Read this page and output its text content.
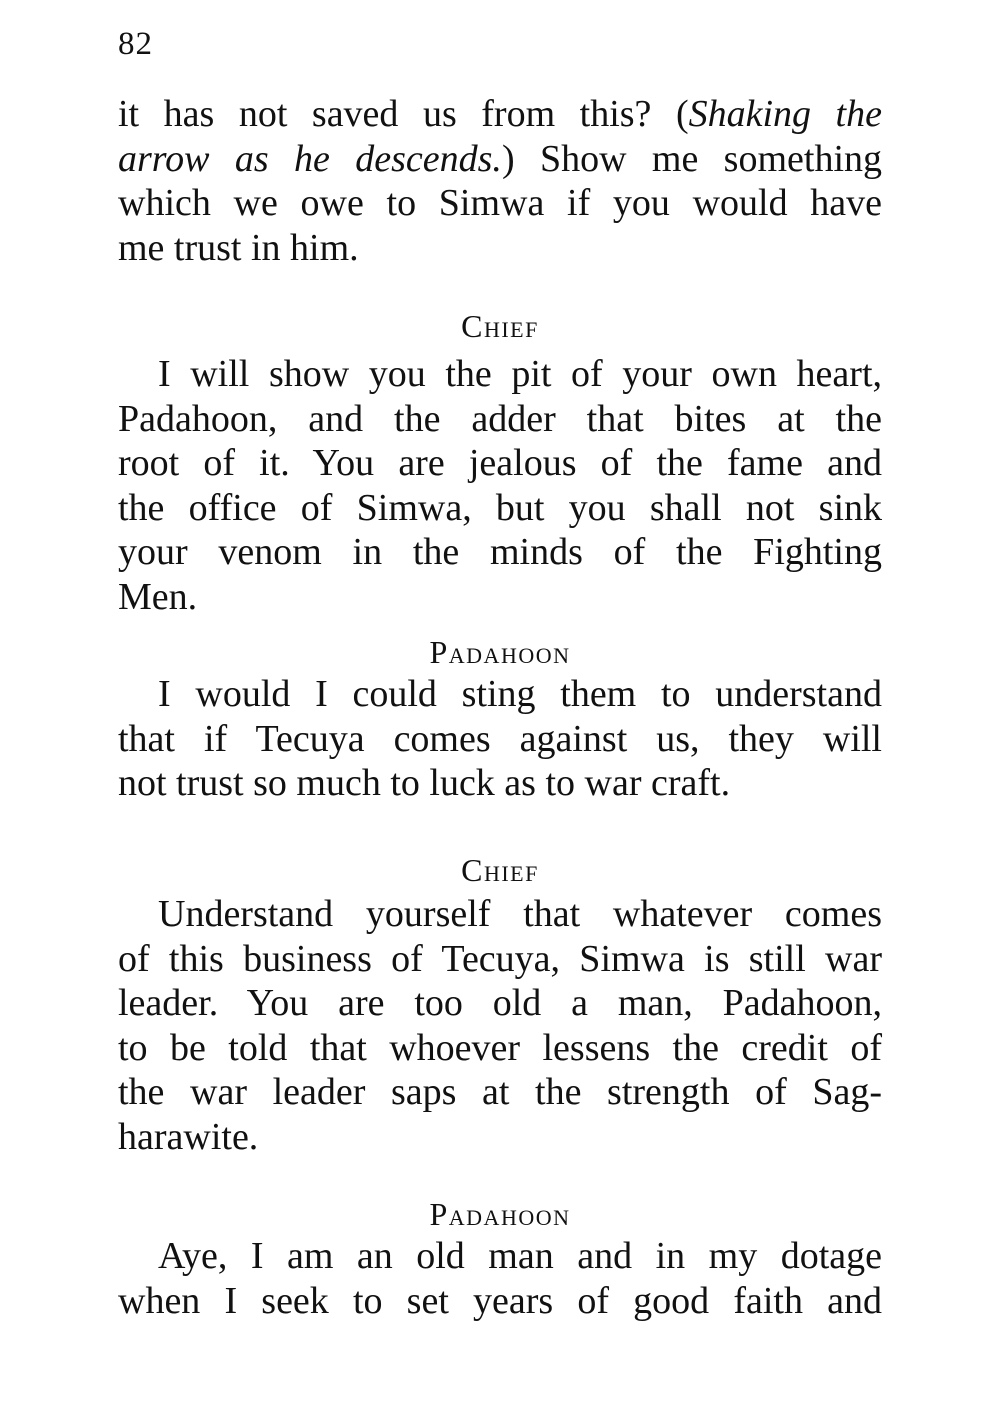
82
it has not saved us from this? (Shaking the
arrow as he descends.) Show me something
which we owe to Simwa if you would have
me trust in him.
Chief
I will show you the pit of your own heart,
Padahoon, and the adder that bites at the
root of it. You are jealous of the fame and
the office of Simwa, but you shall not sink
your venom in the minds of the Fighting
Men.
Padahoon
I would I could sting them to understand
that if Tecuya comes against us, they will
not trust so much to luck as to war craft.
Chief
Understand yourself that whatever comes
of this business of Tecuya, Simwa is still war
leader. You are too old a man, Padahoon,
to be told that whoever lessens the credit of
the war leader saps at the strength of Sag-
harawite.
Padahoon
Aye, I am an old man and in my dotage
when I seek to set years of good faith and
